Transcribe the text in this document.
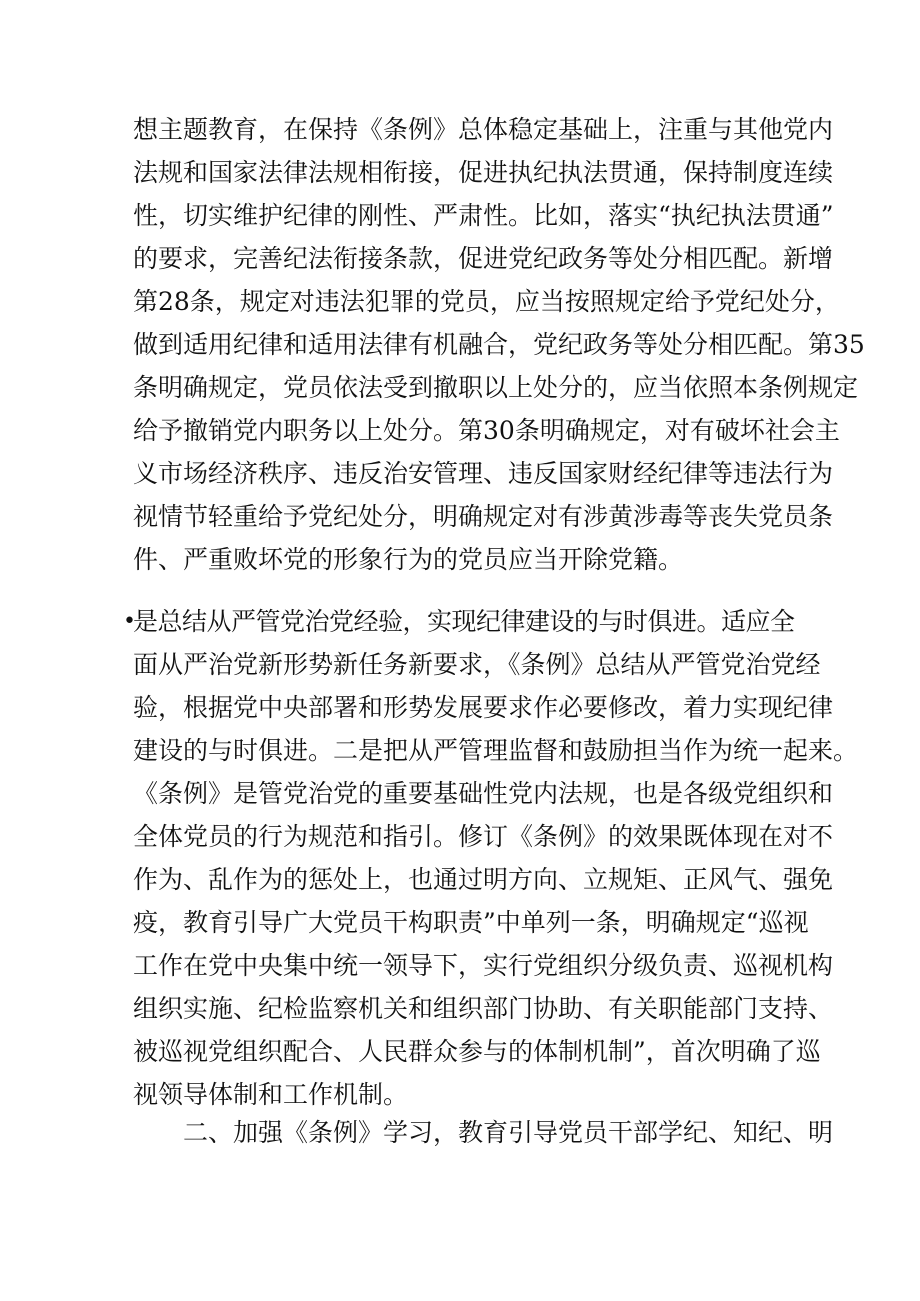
想主题教育，在保持《条例》总体稳定基础上，注重与其他党内
法规和国家法律法规相衔接，促进执纪执法贯通，保持制度连续
性，切实维护纪律的刚性、严肃性。比如，落实“执纪执法贯通”
的要求，完善纪法衔接条款，促进党纪政务等处分相匹配。新增
第28条，规定对违法犯罪的党员，应当按照规定给予党纪处分，
做到适用纪律和适用法律有机融合，党纪政务等处分相匹配。第35
条明确规定，党员依法受到撤职以上处分的，应当依照本条例规定
给予撤销党内职务以上处分。第30条明确规定，对有破坏社会主
义市场经济秩序、违反治安管理、违反国家财经纪律等违法行为
视情节轻重给予党纪处分，明确规定对有涉黄涉毒等丧失党员条
件、严重败坏党的形象行为的党员应当开除党籍。
•
是总结从严管党治党经验，实现纪律建设的与时俱进。适应全
面从严治党新形势新任务新要求，《条例》总结从严管党治党经
验，根据党中央部署和形势发展要求作必要修改，着力实现纪律
建设的与时俱进。二是把从严管理监督和鼓励担当作为统一起来。
《条例》是管党治党的重要基础性党内法规，也是各级党组织和
全体党员的行为规范和指引。修订《条例》的效果既体现在对不
作为、乱作为的惩处上，也通过明方向、立规矩、正风气、强免
疫，教育引导广大党员干构职责”中单列一条，明确规定“巡视
工作在党中央集中统一领导下，实行党组织分级负责、巡视机构
组织实施、纪检监察机关和组织部门协助、有关职能部门支持、
被巡视党组织配合、人民群众参与的体制机制”，首次明确了巡
视领导体制和工作机制。
二、加强《条例》学习，教育引导党员干部学纪、知纪、明
